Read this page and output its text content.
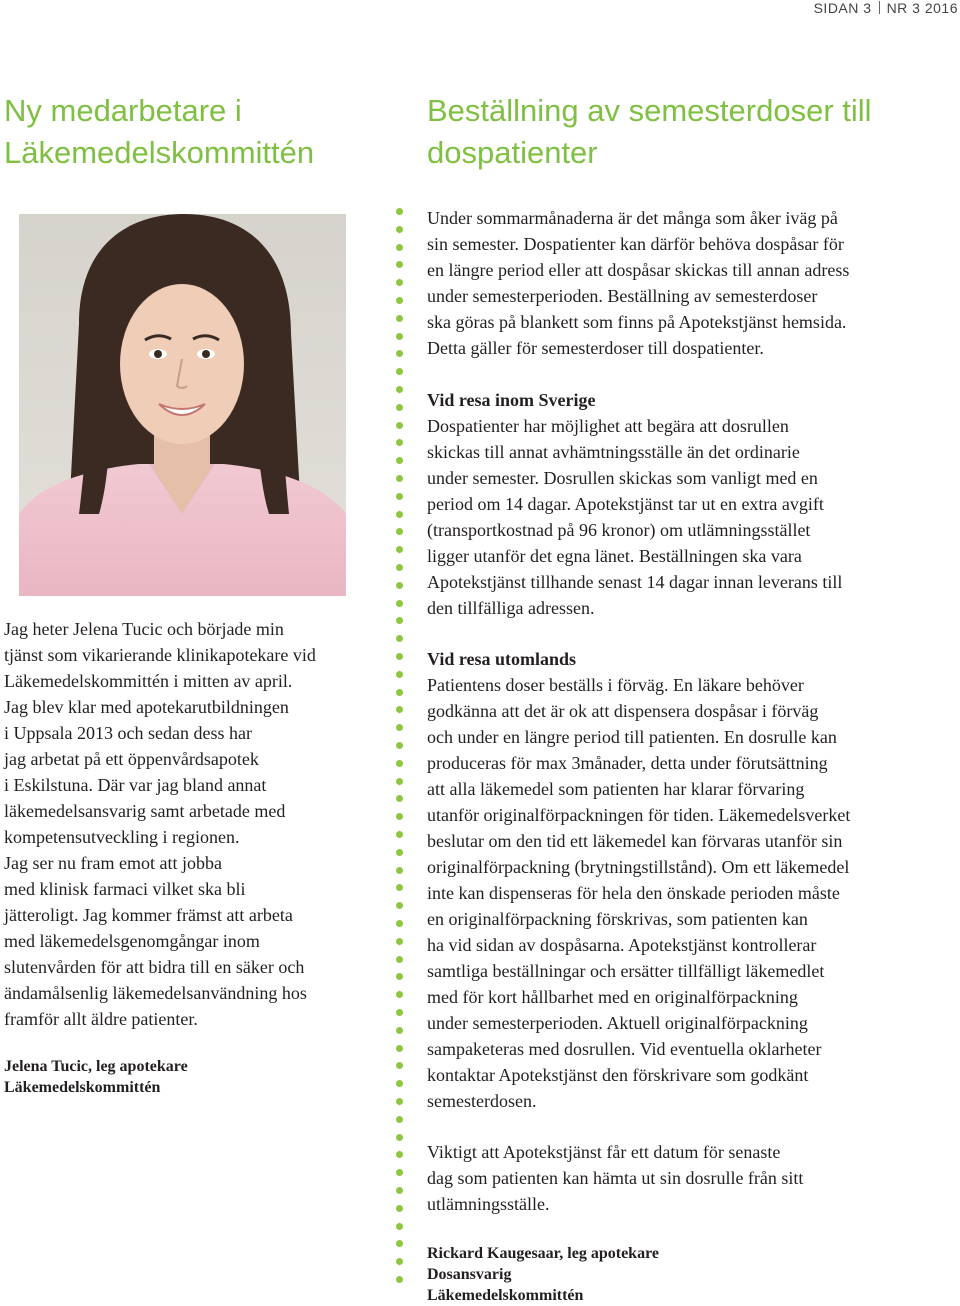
SIDAN 3 NR 3 2016
Ny medarbetare i
Läkemedelskommittén
Beställning av semesterdoser till
dospatienter
Jag heter Jelena Tucic och började min
tjänst som vikarierande klinikapotekare vid
Läkemedelskommittén i mitten av april.
Jag blev klar med apotekarutbildningen
i Uppsala 2013 och sedan dess har
jag arbetat på ett öppenvårdsapotek
i Eskilstuna. Där var jag bland annat
läkemedelsansvarig samt arbetade med
kompetensutveckling i regionen.
Jag ser nu fram emot att jobba
med klinisk farmaci vilket ska bli
jätteroligt. Jag kommer främst att arbeta
med läkemedelsgenomgångar inom
slutenvården för att bidra till en säker och
ändamålsenlig läkemedelsanvändning hos
framför allt äldre patienter.
Jelena Tucic, leg apotekare
Läkemedelskommittén
Under sommarmånaderna är det många som åker iväg på
sin semester. Dospatienter kan därför behöva dospåsar för
en längre period eller att dospåsar skickas till annan adress
under semesterperioden. Beställning av semesterdoser
ska göras på blankett som finns på Apotekstjänst hemsida.
Detta gäller för semesterdoser till dospatienter.
Vid resa inom Sverige
Dospatienter har möjlighet att begära att dosrullen
skickas till annat avhämtningsställe än det ordinarie
under semester. Dosrullen skickas som vanligt med en
period om 14 dagar. Apotekstjänst tar ut en extra avgift
(transportkostnad på 96 kronor) om utlämningsstället
ligger utanför det egna länet. Beställningen ska vara
Apotekstjänst tillhande senast 14 dagar innan leverans till
den tillfälliga adressen.
Vid resa utomlands
Patientens doser beställs i förväg. En läkare behöver
godkänna att det är ok att dispensera dospåsar i förväg
och under en längre period till patienten. En dosrulle kan
produceras för max 3månader, detta under förutsättning
att alla läkemedel som patienten har klarar förvaring
utanför originalförpackningen för tiden. Läkemedelsverket
beslutar om den tid ett läkemedel kan förvaras utanför sin
originalförpackning (brytningstillstånd). Om ett läkemedel
inte kan dispenseras för hela den önskade perioden måste
en originalförpackning förskrivas, som patienten kan
ha vid sidan av dospåsarna. Apotekstjänst kontrollerar
samtliga beställningar och ersätter tillfälligt läkemedlet
med för kort hållbarhet med en originalförpackning
under semesterperioden. Aktuell originalförpackning
sampaketeras med dosrullen. Vid eventuella oklarheter
kontaktar Apotekstjänst den förskrivare som godkänt
semesterdosen.
Viktigt att Apotekstjänst får ett datum för senaste
dag som patienten kan hämta ut sin dosrulle från sitt
utlämningsställe.
Rickard Kaugesaar, leg apotekare
Dosansvarig
Läkemedelskommittén
